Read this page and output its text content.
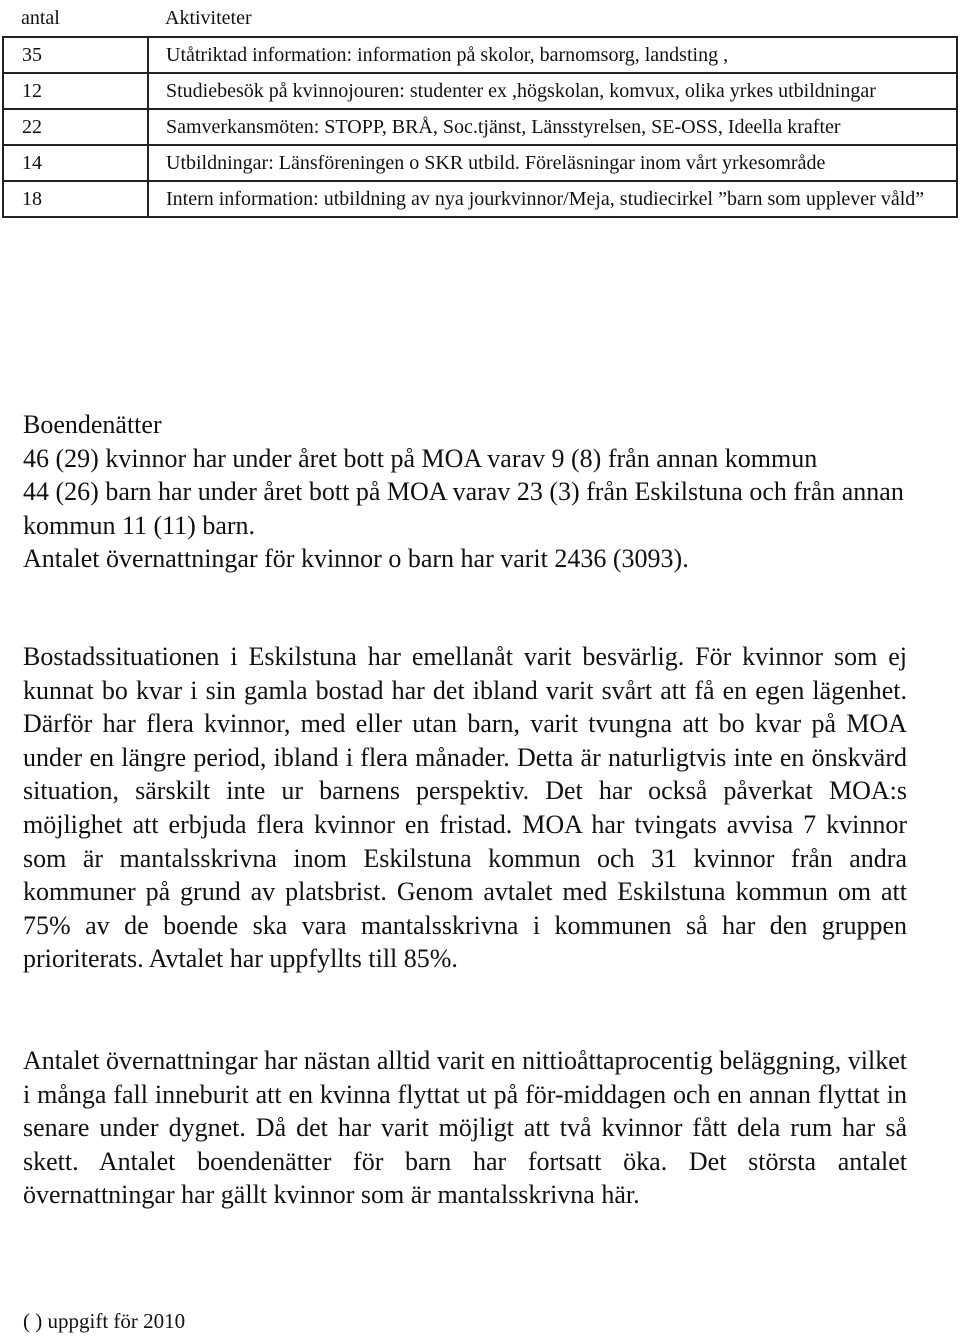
antal	Aktiviteter
35	Utåtriktad information: information på skolor, barnomsorg, landsting ,
12	Studiebesök på kvinnojouren: studenter ex ,högskolan, komvux, olika yrkes utbildningar
22	Samverkansmöten: STOPP, BRÅ, Soc.tjänst, Länsstyrelsen, SE-OSS, Ideella krafter
14	Utbildningar: Länsföreningen o SKR utbild. Föreläsningar inom vårt yrkesområde
18	Intern information: utbildning av nya jourkvinnor/Meja, studiecirkel ”barn som upplever våld”

Boendenätter

46 (29) kvinnor har under året bott på MOA varav 9 (8) från annan kommun

44 (26) barn har under året bott på MOA varav 23 (3) från Eskilstuna och från annan kommun 11 (11) barn.

Antalet övernattningar för kvinnor o barn har varit 2436 (3093).

Bostadssituationen i Eskilstuna har emellanåt varit besvärlig. För kvinnor som ej kunnat bo kvar i sin gamla bostad har det ibland varit svårt att få en egen lägenhet. Därför har flera kvinnor, med eller utan barn, varit tvungna att bo kvar på MOA under en längre period, ibland i flera månader. Detta är naturligtvis inte en önskvärd situation, särskilt inte ur barnens perspektiv. Det har också påverkat MOA:s möjlighet att erbjuda flera kvinnor en fristad. MOA har tvingats avvisa 7 kvinnor som är mantalsskrivna inom Eskilstuna kommun och 31 kvinnor från andra kommuner på grund av platsbrist. Genom avtalet med Eskilstuna kommun om att 75% av de boende ska vara mantalsskrivna i kommunen så har den gruppen prioriterats. Avtalet har uppfyllts till 85%.

Antalet övernattningar har nästan alltid varit en nittioåttaprocentig beläggning, vilket i många fall inneburit att en kvinna flyttat ut på för-middagen och en annan flyttat in senare under dygnet. Då det har varit möjligt att två kvinnor fått dela rum har så skett. Antalet boendenätter för barn har fortsatt öka. Det största antalet övernattningar har gällt kvinnor som är mantalsskrivna här.

( ) uppgift för 2010
